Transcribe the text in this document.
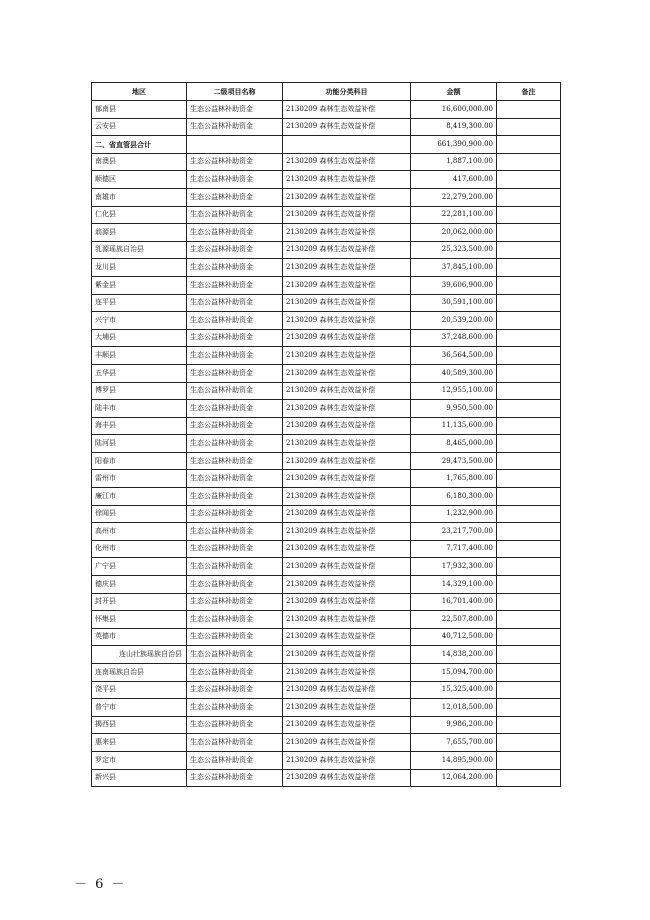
地区	二级项目名称	功能分类科目	金额	备注
郁南县	生态公益林补助资金	2130209 森林生态效益补偿	16,600,000.00	
云安县	生态公益林补助资金	2130209 森林生态效益补偿	8,419,300.00	
二、省直管县合计			661,390,900.00	
南澳县	生态公益林补助资金	2130209 森林生态效益补偿	1,887,100.00	
顺德区	生态公益林补助资金	2130209 森林生态效益补偿	417,600.00	
南雄市	生态公益林补助资金	2130209 森林生态效益补偿	22,279,200.00	
仁化县	生态公益林补助资金	2130209 森林生态效益补偿	22,281,100.00	
翁源县	生态公益林补助资金	2130209 森林生态效益补偿	20,062,000.00	
乳源瑶族自治县	生态公益林补助资金	2130209 森林生态效益补偿	25,323,500.00	
龙川县	生态公益林补助资金	2130209 森林生态效益补偿	37,845,100.00	
紫金县	生态公益林补助资金	2130209 森林生态效益补偿	39,606,900.00	
连平县	生态公益林补助资金	2130209 森林生态效益补偿	30,591,100.00	
兴宁市	生态公益林补助资金	2130209 森林生态效益补偿	20,539,200.00	
大埔县	生态公益林补助资金	2130209 森林生态效益补偿	37,248,600.00	
丰顺县	生态公益林补助资金	2130209 森林生态效益补偿	36,564,500.00	
五华县	生态公益林补助资金	2130209 森林生态效益补偿	40,589,300.00	
博罗县	生态公益林补助资金	2130209 森林生态效益补偿	12,955,100.00	
陆丰市	生态公益林补助资金	2130209 森林生态效益补偿	9,950,500.00	
海丰县	生态公益林补助资金	2130209 森林生态效益补偿	11,135,600.00	
陆河县	生态公益林补助资金	2130209 森林生态效益补偿	8,465,000.00	
阳春市	生态公益林补助资金	2130209 森林生态效益补偿	29,473,500.00	
雷州市	生态公益林补助资金	2130209 森林生态效益补偿	1,765,800.00	
廉江市	生态公益林补助资金	2130209 森林生态效益补偿	6,180,300.00	
徐闻县	生态公益林补助资金	2130209 森林生态效益补偿	1,232,900.00	
高州市	生态公益林补助资金	2130209 森林生态效益补偿	23,217,700.00	
化州市	生态公益林补助资金	2130209 森林生态效益补偿	7,717,400.00	
广宁县	生态公益林补助资金	2130209 森林生态效益补偿	17,932,300.00	
德庆县	生态公益林补助资金	2130209 森林生态效益补偿	14,329,100.00	
封开县	生态公益林补助资金	2130209 森林生态效益补偿	16,701,400.00	
怀集县	生态公益林补助资金	2130209 森林生态效益补偿	22,507,800.00	
英德市	生态公益林补助资金	2130209 森林生态效益补偿	40,712,500.00	
连山壮族瑶族自治县	生态公益林补助资金	2130209 森林生态效益补偿	14,838,200.00	
连南瑶族自治县	生态公益林补助资金	2130209 森林生态效益补偿	15,094,700.00	
饶平县	生态公益林补助资金	2130209 森林生态效益补偿	15,325,400.00	
普宁市	生态公益林补助资金	2130209 森林生态效益补偿	12,018,500.00	
揭西县	生态公益林补助资金	2130209 森林生态效益补偿	9,986,200.00	
惠来县	生态公益林补助资金	2130209 森林生态效益补偿	7,655,700.00	
罗定市	生态公益林补助资金	2130209 森林生态效益补偿	14,895,900.00	
新兴县	生态公益林补助资金	2130209 森林生态效益补偿	12,064,200.00	
－ 6 －
